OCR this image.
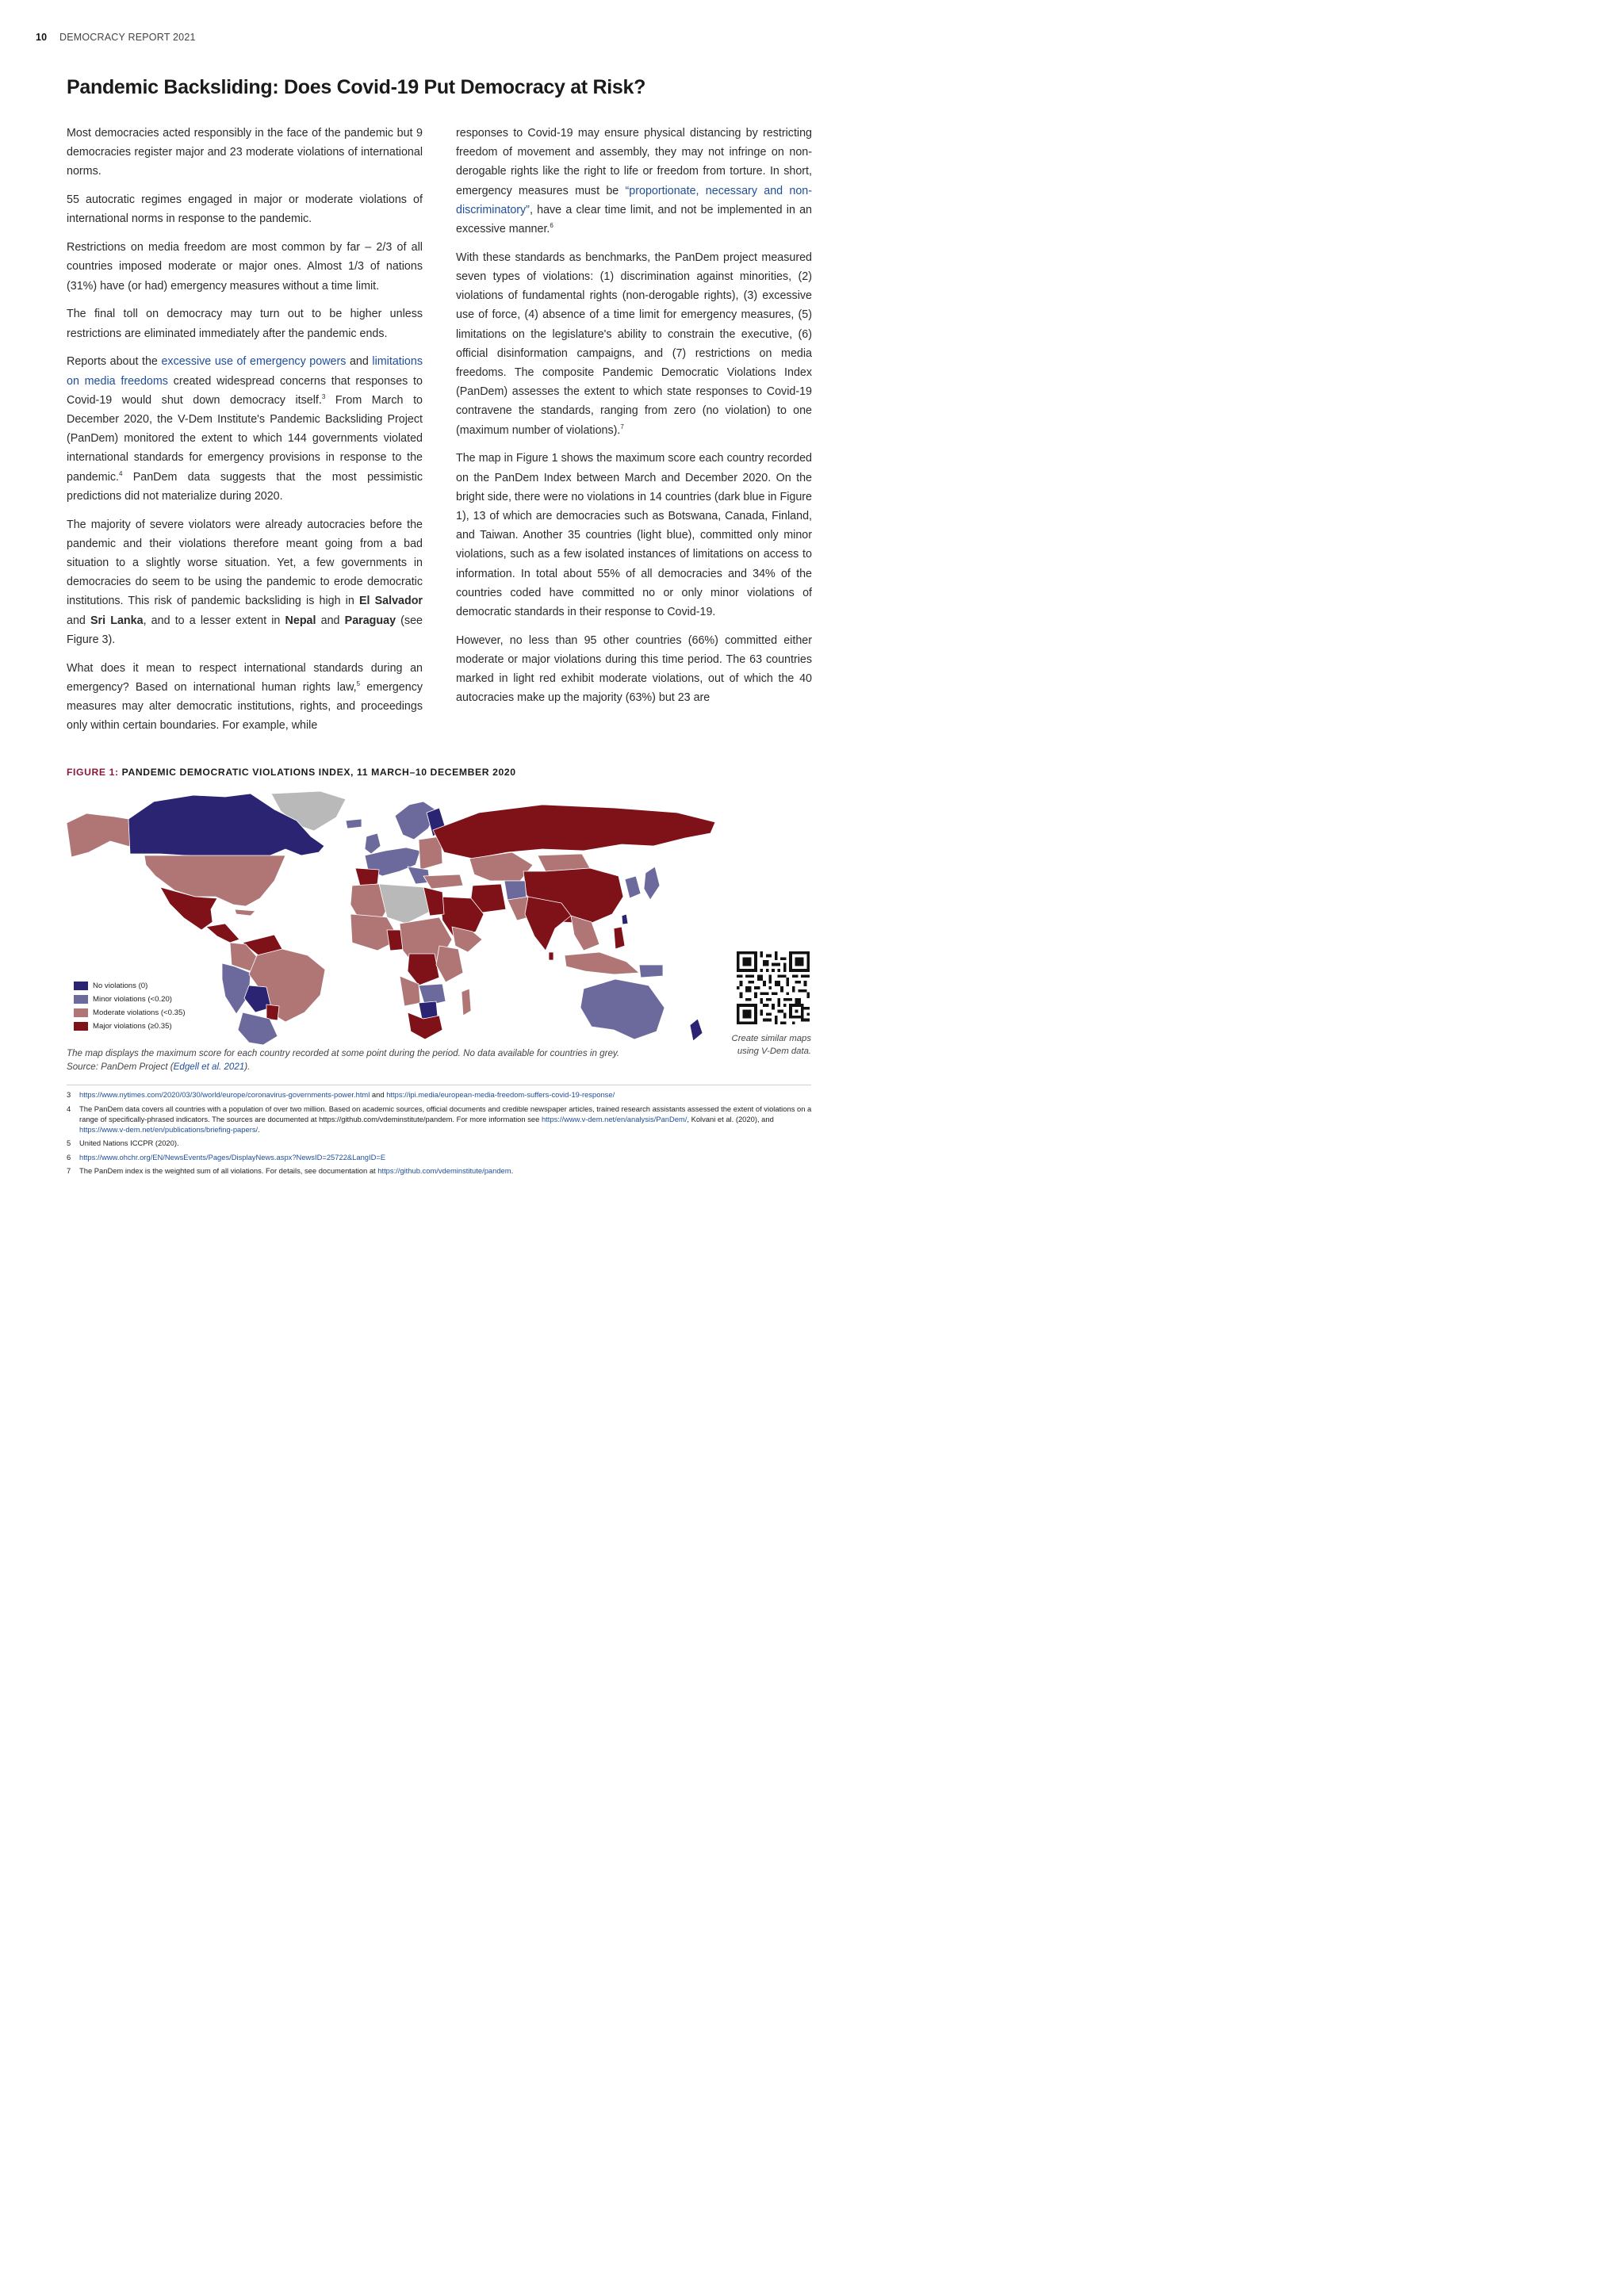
10 DEMOCRACY REPORT 2021
Pandemic Backsliding: Does Covid-19 Put Democracy at Risk?

Most democracies acted responsibly in the face of the pandemic but 9 democracies register major and 23 moderate violations of international norms.

55 autocratic regimes engaged in major or moderate violations of international norms in response to the pandemic.

Restrictions on media freedom are most common by far – 2/3 of all countries imposed moderate or major ones. Almost 1/3 of nations (31%) have (or had) emergency measures without a time limit.

The final toll on democracy may turn out to be higher unless restrictions are eliminated immediately after the pandemic ends.

Reports about the excessive use of emergency powers and limitations on media freedoms created widespread concerns that responses to Covid-19 would shut down democracy itself.$^3$ From March to December 2020, the V-Dem Institute's Pandemic Backsliding Project (PanDem) monitored the extent to which 144 governments violated international standards for emergency provisions in response to the pandemic.$^4$ PanDem data suggests that the most pessimistic predictions did not materialize during 2020.

The majority of severe violators were already autocracies before the pandemic and their violations therefore meant going from a bad situation to a slightly worse situation. Yet, a few governments in democracies do seem to be using the pandemic to erode democratic institutions. This risk of pandemic backsliding is high in El Salvador and Sri Lanka, and to a lesser extent in Nepal and Paraguay (see Figure 3).

What does it mean to respect international standards during an emergency? Based on international human rights law,$^5$ emergency measures may alter democratic institutions, rights, and proceedings only within certain boundaries. For example, while

responses to Covid-19 may ensure physical distancing by restricting freedom of movement and assembly, they may not infringe on non-derogable rights like the right to life or freedom from torture. In short, emergency measures must be “proportionate, necessary and non-discriminatory”, have a clear time limit, and not be implemented in an excessive manner.$^6$

With these standards as benchmarks, the PanDem project measured seven types of violations: (1) discrimination against minorities, (2) violations of fundamental rights (non-derogable rights), (3) excessive use of force, (4) absence of a time limit for emergency measures, (5) limitations on the legislature's ability to constrain the executive, (6) official disinformation campaigns, and (7) restrictions on media freedoms. The composite Pandemic Democratic Violations Index (PanDem) assesses the extent to which state responses to Covid-19 contravene the standards, ranging from zero (no violation) to one (maximum number of violations).$^7$

The map in Figure 1 shows the maximum score each country recorded on the PanDem Index between March and December 2020. On the bright side, there were no violations in 14 countries (dark blue in Figure 1), 13 of which are democracies such as Botswana, Canada, Finland, and Taiwan. Another 35 countries (light blue), committed only minor violations, such as a few isolated instances of limitations on access to information. In total about 55% of all democracies and 34% of the countries coded have committed no or only minor violations of democratic standards in their response to Covid-19.

However, no less than 95 other countries (66%) committed either moderate or major violations during this time period. The 63 countries marked in light red exhibit moderate violations, out of which the 40 autocracies make up the majority (63%) but 23 are

FIGURE 1: PANDEMIC DEMOCRATIC VIOLATIONS INDEX, 11 MARCH–10 DECEMBER 2020
No violations (0)
Minor violations (<0.20)
Moderate violations (<0.35)
Major violations (≥0.35)
Create similar maps
using V-Dem data.
The map displays the maximum score for each country recorded at some point during the period. No data available for countries in grey.
Source: PanDem Project (Edgell et al. 2021).
3	https://www.nytimes.com/2020/03/30/world/europe/coronavirus-governments-power.html and https://ipi.media/european-media-freedom-suffers-covid-19-response/
4	The PanDem data covers all countries with a population of over two million. Based on academic sources, official documents and credible newspaper articles, trained research assistants assessed the extent of violations on a range of specifically-phrased indicators. The sources are documented at https://github.com/vdeminstitute/pandem. For more information see https://www.v-dem.net/en/analysis/PanDem/, Kolvani et al. (2020), and https://www.v-dem.net/en/publications/briefing-papers/.
5	United Nations ICCPR (2020).
6	https://www.ohchr.org/EN/NewsEvents/Pages/DisplayNews.aspx?NewsID=25722&LangID=E
7	The PanDem index is the weighted sum of all violations. For details, see documentation at https://github.com/vdeminstitute/pandem.
